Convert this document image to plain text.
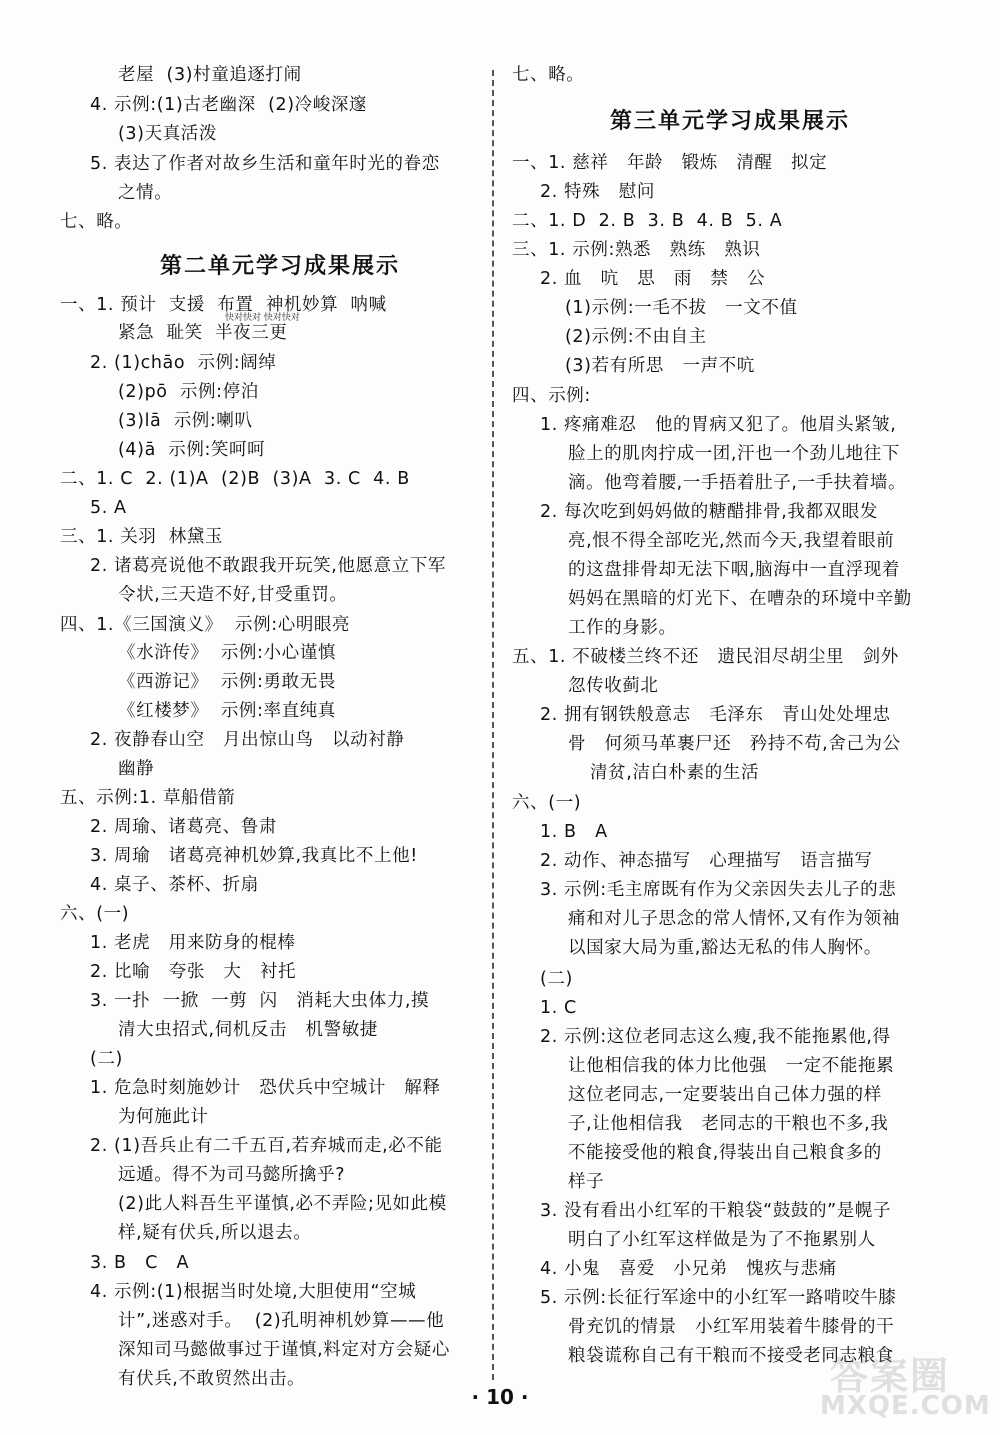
快对快对 快对快对
老屋  (3)村童追逐打闹
4. 示例:(1)古老幽深  (2)冷峻深邃
(3)天真活泼
5. 表达了作者对故乡生活和童年时光的眷恋
之情。
七、略。
第二单元学习成果展示
一、1. 预计  支援  布置  神机妙算  呐喊
紧急  耻笑  半夜三更
2. (1)chāo  示例:阔绰
(2)pō  示例:停泊
(3)lā  示例:喇叭
(4)ā  示例:笑呵呵
二、1. C  2. (1)A  (2)B  (3)A  3. C  4. B
5. A
三、1. 关羽  林黛玉
2. 诸葛亮说他不敢跟我开玩笑,他愿意立下军
令状,三天造不好,甘受重罚。
四、1.《三国演义》  示例:心明眼亮
《水浒传》  示例:小心谨慎
《西游记》  示例:勇敢无畏
《红楼梦》  示例:率直纯真
2. 夜静春山空   月出惊山鸟   以动衬静
幽静
五、示例:1. 草船借箭
2. 周瑜、诸葛亮、鲁肃
3. 周瑜   诸葛亮神机妙算,我真比不上他!
4. 桌子、茶杯、折扇
六、(一)
1. 老虎   用来防身的棍棒
2. 比喻   夸张   大   衬托
3. 一扑  一掀  一剪  闪   消耗大虫体力,摸
清大虫招式,伺机反击   机警敏捷
(二)
1. 危急时刻施妙计   恐伏兵中空城计   解释
为何施此计
2. (1)吾兵止有二千五百,若弃城而走,必不能
远遁。得不为司马懿所擒乎?
(2)此人料吾生平谨慎,必不弄险;见如此模
样,疑有伏兵,所以退去。
3. B   C   A
4. 示例:(1)根据当时处境,大胆使用“空城
计”,迷惑对手。  (2)孔明神机妙算——他
深知司马懿做事过于谨慎,料定对方会疑心
有伏兵,不敢贸然出击。
七、略。
第三单元学习成果展示
一、1. 慈祥   年龄   锻炼   清醒   拟定
2. 特殊   慰问
二、1. D  2. B  3. B  4. B  5. A
三、1. 示例:熟悉   熟练   熟识
2. 血   吭   思   雨   禁   公
(1)示例:一毛不拔   一文不值
(2)示例:不由自主
(3)若有所思   一声不吭
四、示例:
1. 疼痛难忍   他的胃病又犯了。他眉头紧皱,
脸上的肌肉拧成一团,汗也一个劲儿地往下
滴。他弯着腰,一手捂着肚子,一手扶着墙。
2. 每次吃到妈妈做的糖醋排骨,我都双眼发
亮,恨不得全部吃光,然而今天,我望着眼前
的这盘排骨却无法下咽,脑海中一直浮现着
妈妈在黑暗的灯光下、在嘈杂的环境中辛勤
工作的身影。
五、1. 不破楼兰终不还   遗民泪尽胡尘里   剑外
忽传收蓟北
2. 拥有钢铁般意志   毛泽东   青山处处埋忠
骨   何须马革裹尸还   矜持不苟,舍己为公
清贫,洁白朴素的生活
六、(一)
1. B   A
2. 动作、神态描写   心理描写   语言描写
3. 示例:毛主席既有作为父亲因失去儿子的悲
痛和对儿子思念的常人情怀,又有作为领袖
以国家大局为重,豁达无私的伟人胸怀。
(二)
1. C
2. 示例:这位老同志这么瘦,我不能拖累他,得
让他相信我的体力比他强   一定不能拖累
这位老同志,一定要装出自己体力强的样
子,让他相信我   老同志的干粮也不多,我
不能接受他的粮食,得装出自己粮食多的
样子
3. 没有看出小红军的干粮袋“鼓鼓的”是幌子
明白了小红军这样做是为了不拖累别人
4. 小鬼   喜爱   小兄弟   愧疚与悲痛
5. 示例:长征行军途中的小红军一路啃咬牛膝
骨充饥的情景   小红军用装着牛膝骨的干
粮袋谎称自己有干粮而不接受老同志粮食
· 10 ·	答案圈
MXQE.COM
